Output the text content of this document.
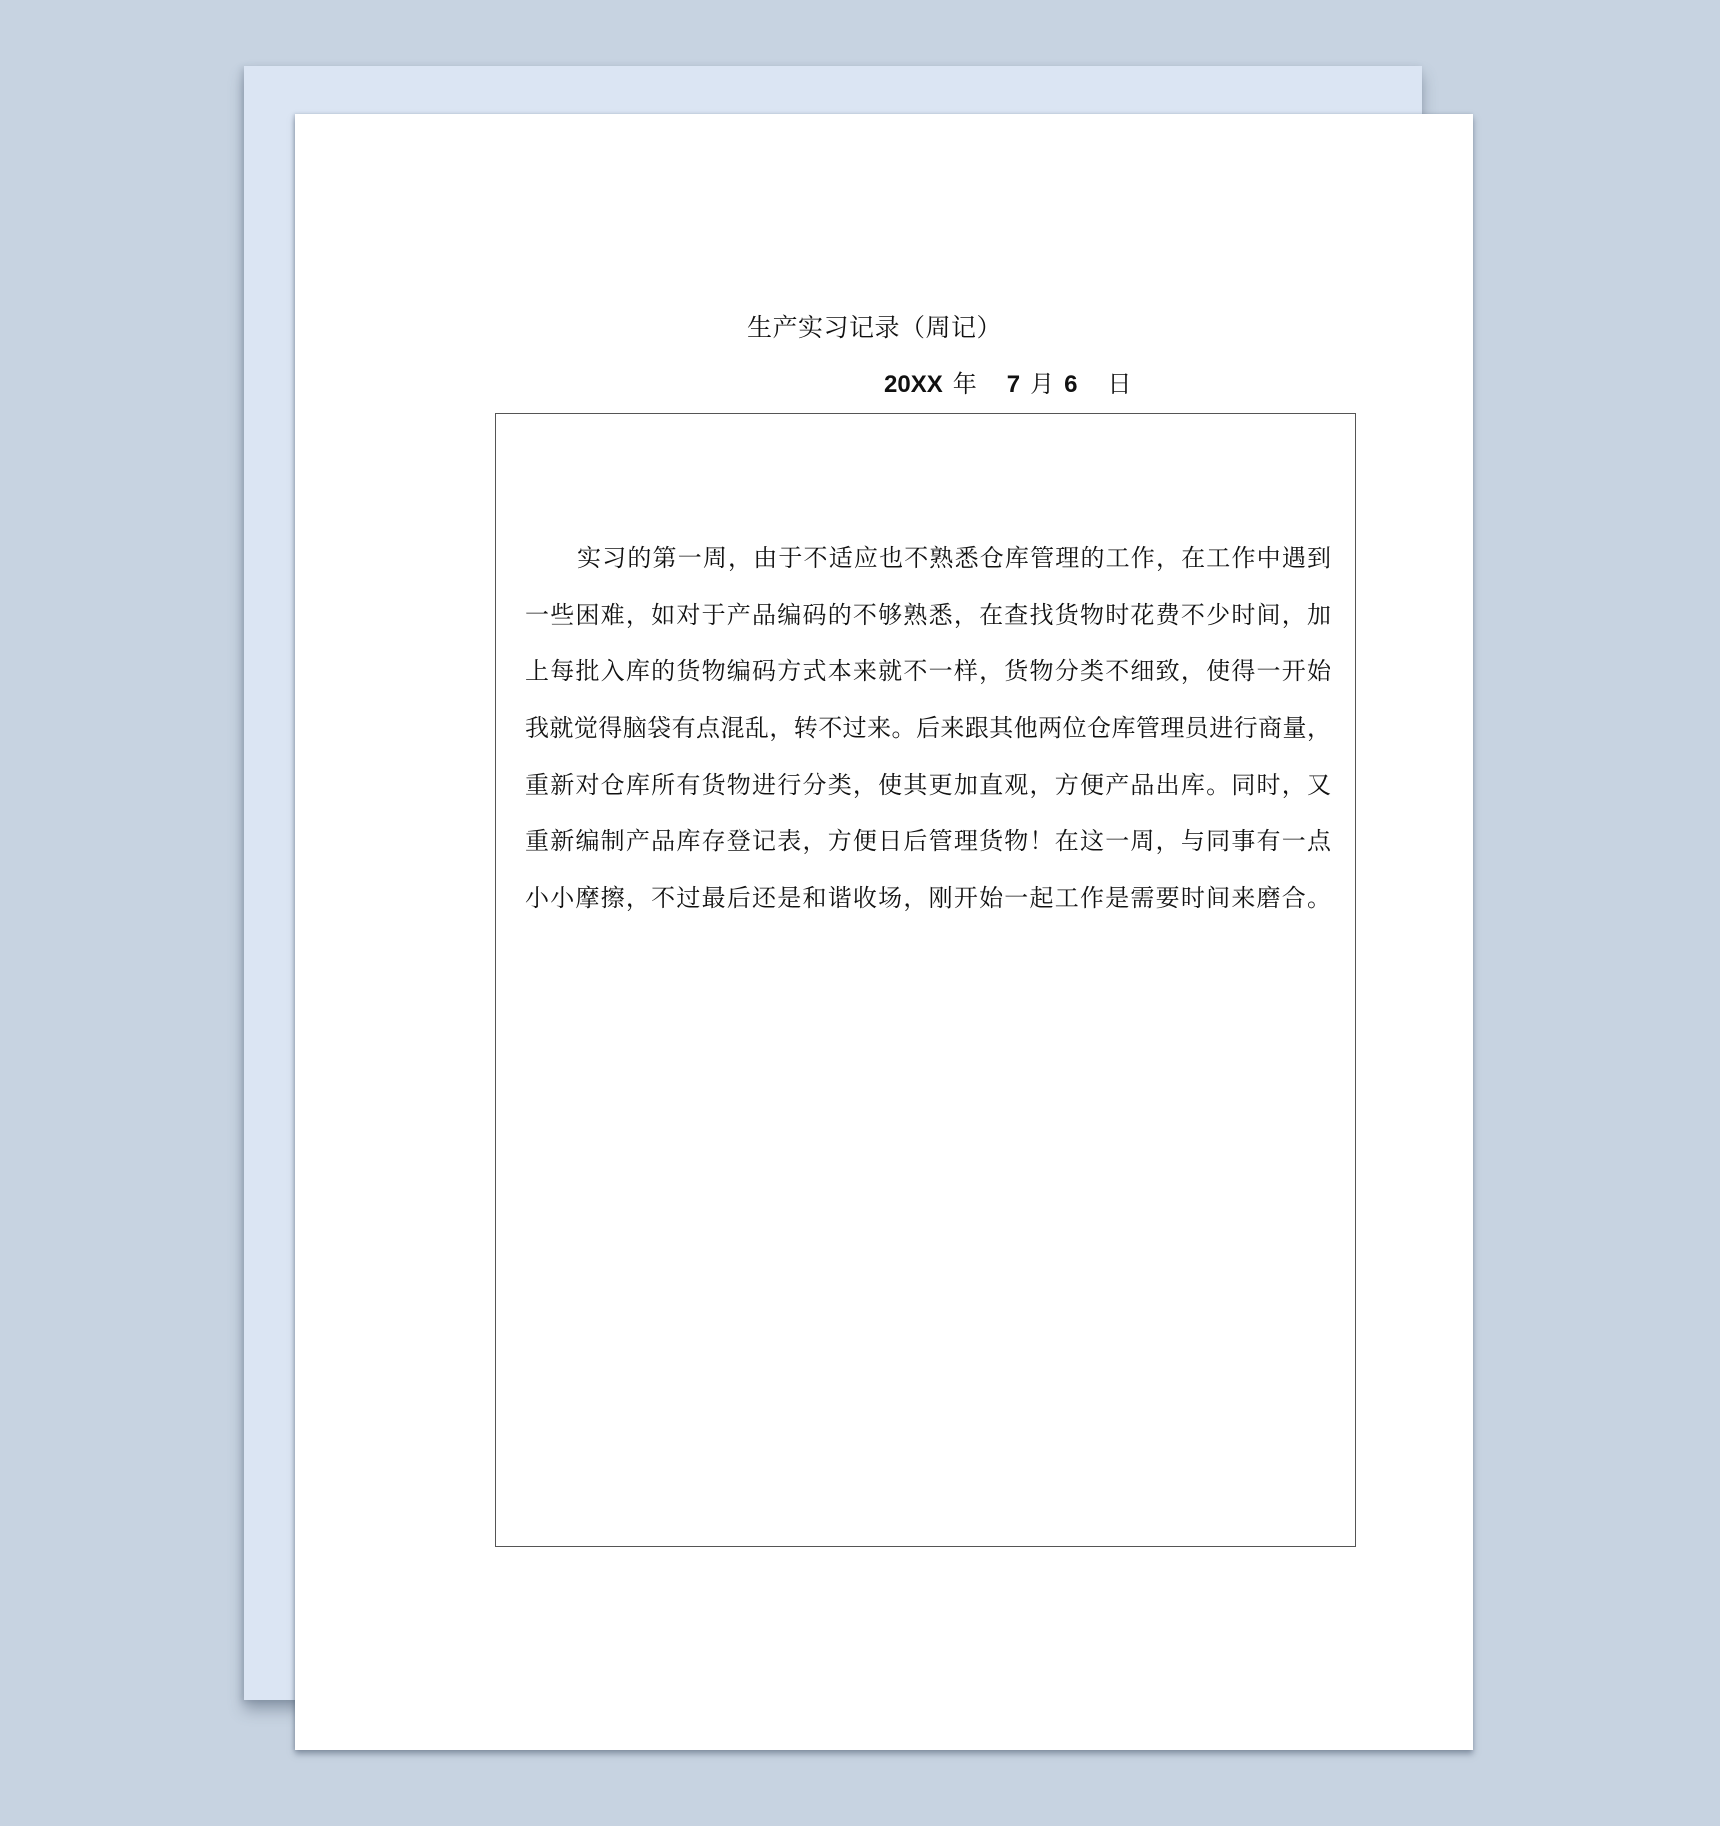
生产实习记录（周记）
20XX 年 7 月 6 日
实习的第一周，由于不适应也不熟悉仓库管理的工作，在工作中遇到
一些困难，如对于产品编码的不够熟悉，在查找货物时花费不少时间，加
上每批入库的货物编码方式本来就不一样，货物分类不细致，使得一开始
我就觉得脑袋有点混乱，转不过来。后来跟其他两位仓库管理员进行商量，
重新对仓库所有货物进行分类，使其更加直观，方便产品出库。同时，又
重新编制产品库存登记表，方便日后管理货物！在这一周，与同事有一点
小小摩擦，不过最后还是和谐收场，刚开始一起工作是需要时间来磨合。
